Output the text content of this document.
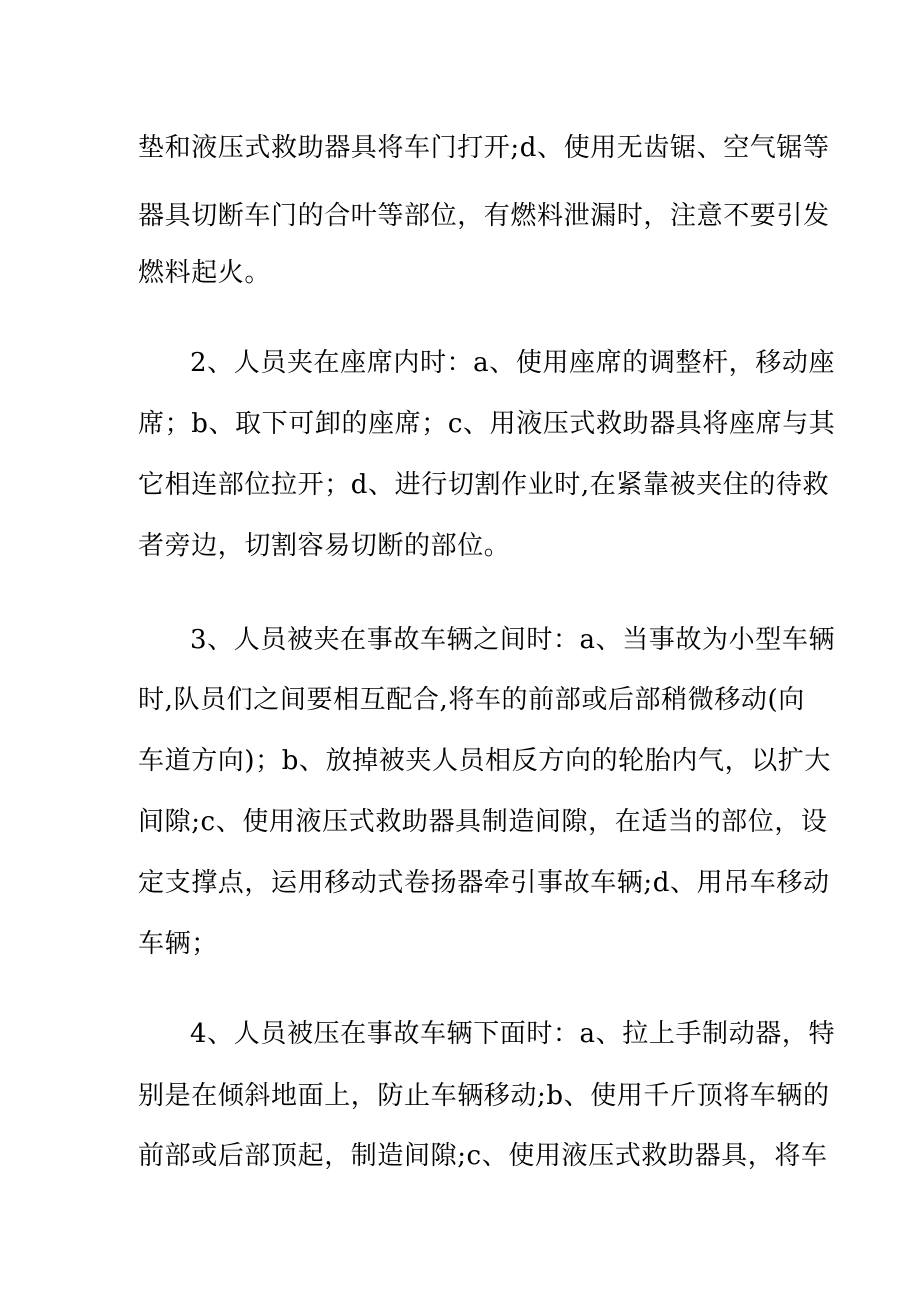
垫和液压式救助器具将车门打开;d、使用无齿锯、空气锯等
器具切断车门的合叶等部位，有燃料泄漏时，注意不要引发
燃料起火。
2、人员夹在座席内时：a、使用座席的调整杆，移动座
席；b、取下可卸的座席；c、用液压式救助器具将座席与其
它相连部位拉开；d、进行切割作业时,在紧靠被夹住的待救
者旁边，切割容易切断的部位。
3、人员被夹在事故车辆之间时：a、当事故为小型车辆
时,队员们之间要相互配合,将车的前部或后部稍微移动(向
车道方向)；b、放掉被夹人员相反方向的轮胎内气，以扩大
间隙;c、使用液压式救助器具制造间隙，在适当的部位，设
定支撑点，运用移动式卷扬器牵引事故车辆;d、用吊车移动
车辆；
4、人员被压在事故车辆下面时：a、拉上手制动器，特
别是在倾斜地面上，防止车辆移动;b、使用千斤顶将车辆的
前部或后部顶起，制造间隙;c、使用液压式救助器具，将车
